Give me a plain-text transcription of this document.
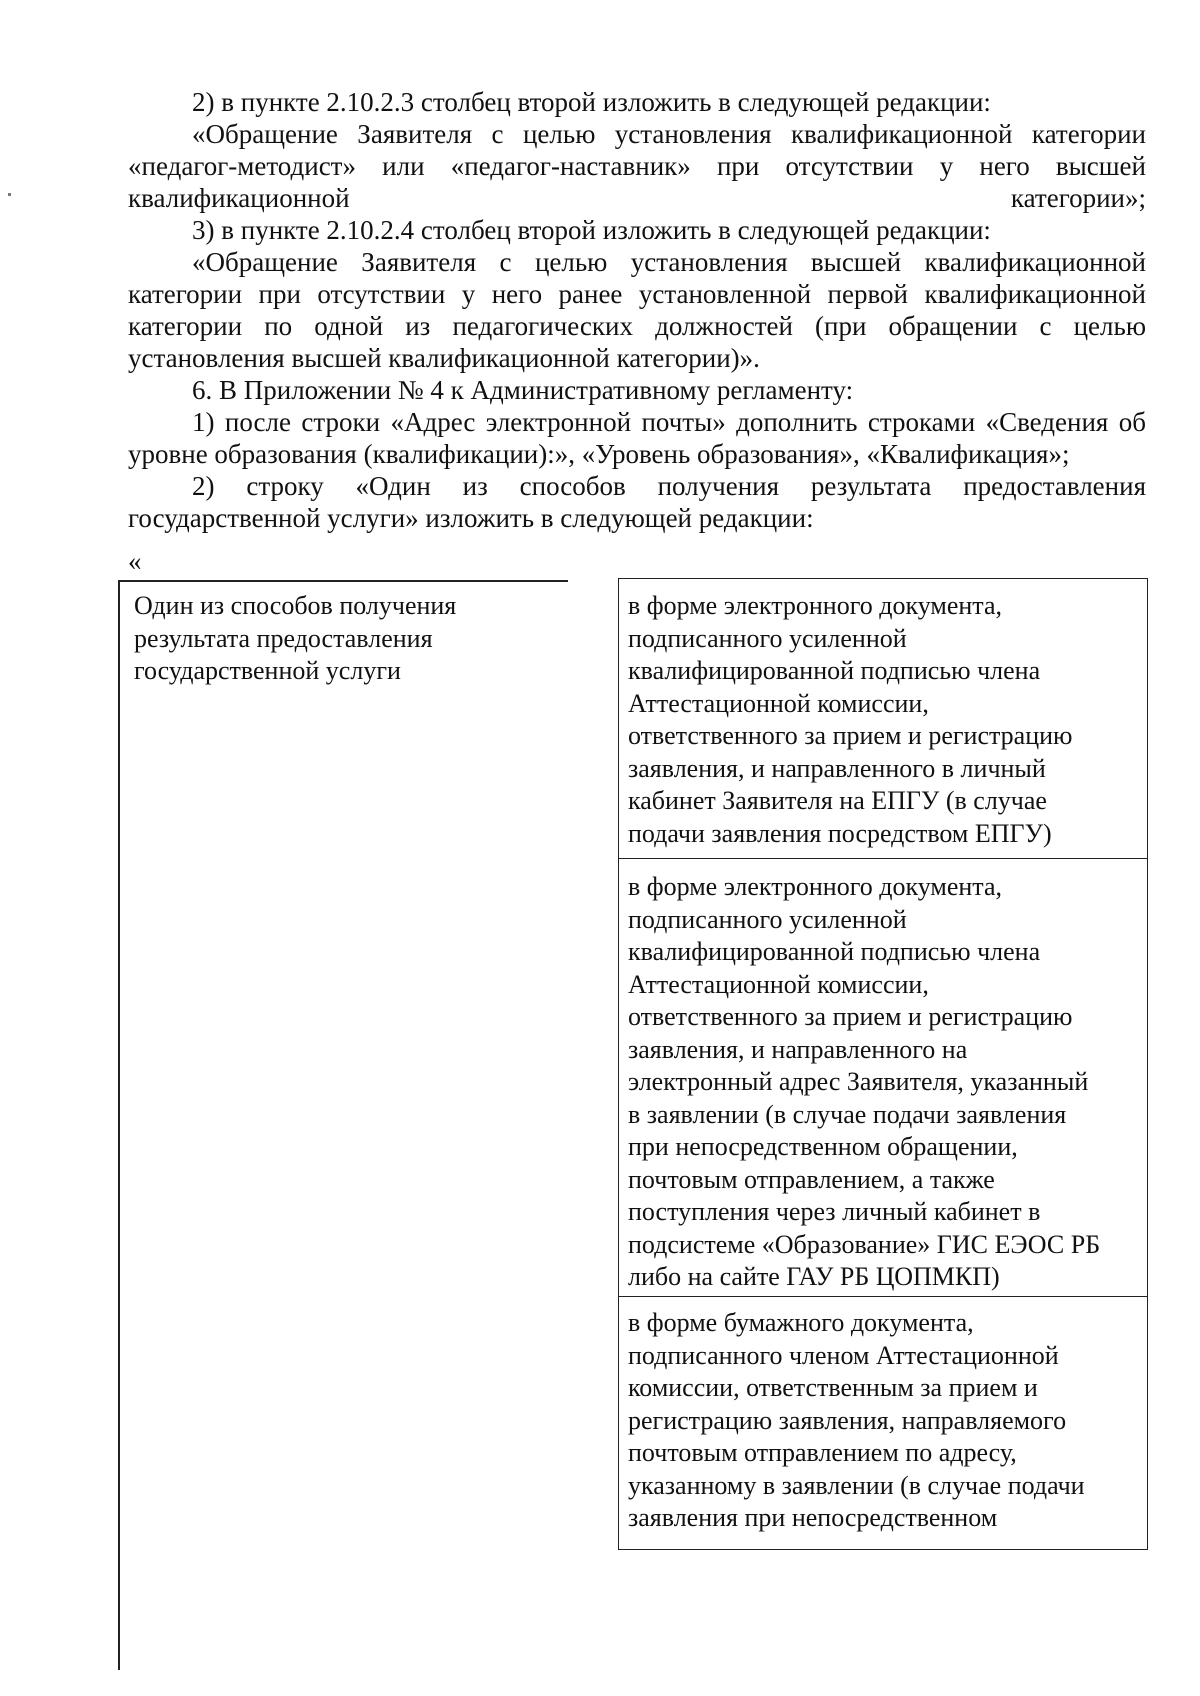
2) в пункте 2.10.2.3 столбец второй изложить в следующей редакции:

«Обращение Заявителя с целью установления квалификационной категории «педагог-методист» или «педагог-наставник» при отсутствии у него высшей квалификационной категории»;

3) в пункте 2.10.2.4 столбец второй изложить в следующей редакции:

«Обращение Заявителя с целью установления высшей квалификационной категории при отсутствии у него ранее установленной первой квалификационной категории по одной из педагогических должностей (при обращении с целью установления высшей квалификационной категории)».

6. В Приложении № 4 к Административному регламенту:

1) после строки «Адрес электронной почты» дополнить строками «Сведения об уровне образования (квалификации):», «Уровень образования», «Квалификация»;

2) строку «Один из способов получения результата предоставления государственной услуги» изложить в следующей редакции:

«

Один из способов получения
результата предоставления
государственной услуги

в форме электронного документа,
подписанного усиленной
квалифицированной подписью члена
Аттестационной комиссии,
ответственного за прием и регистрацию
заявления, и направленного в личный
кабинет Заявителя на ЕПГУ (в случае
подачи заявления посредством ЕПГУ)

в форме электронного документа,
подписанного усиленной
квалифицированной подписью члена
Аттестационной комиссии,
ответственного за прием и регистрацию
заявления, и направленного на
электронный адрес Заявителя, указанный
в заявлении (в случае подачи заявления
при непосредственном обращении,
почтовым отправлением, а также
поступления через личный кабинет в
подсистеме «Образование» ГИС ЕЭОС РБ
либо на сайте ГАУ РБ ЦОПМКП)

в форме бумажного документа,
подписанного членом Аттестационной
комиссии, ответственным за прием и
регистрацию заявления, направляемого
почтовым отправлением по адресу,
указанному в заявлении (в случае подачи
заявления при непосредственном
